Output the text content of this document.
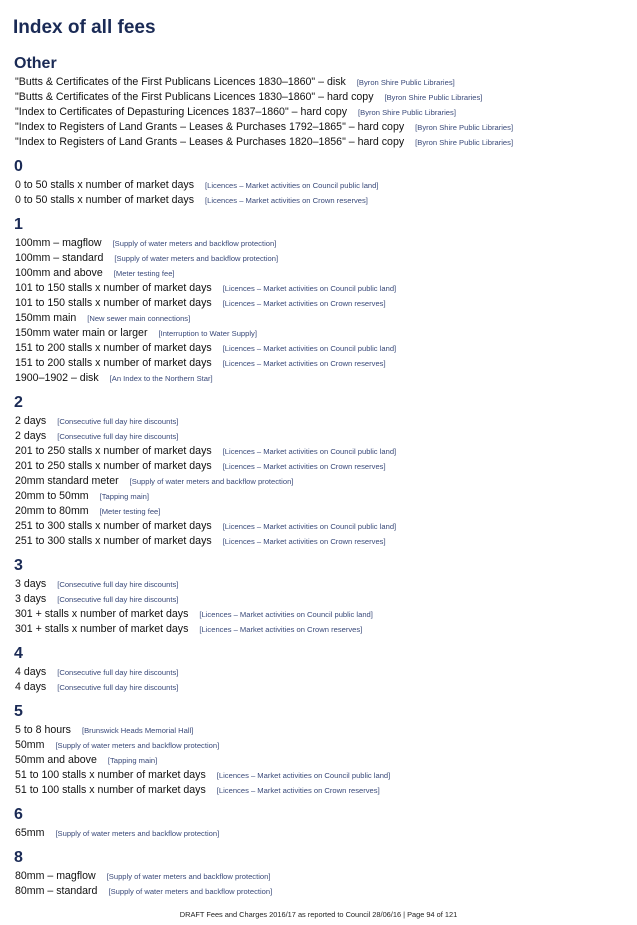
Index of all fees
Other
"Butts & Certificates of the First Publicans Licences 1830–1860" – disk [Byron Shire Public Libraries]
"Butts & Certificates of the First Publicans Licences 1830–1860" – hard copy [Byron Shire Public Libraries]
"Index to Certificates of Depasturing Licences 1837–1860" – hard copy [Byron Shire Public Libraries]
"Index to Registers of Land Grants – Leases & Purchases 1792–1865" – hard copy [Byron Shire Public Libraries]
"Index to Registers of Land Grants – Leases & Purchases 1820–1856" – hard copy [Byron Shire Public Libraries]
0
0 to 50 stalls x number of market days [Licences – Market activities on Council public land]
0 to 50 stalls x number of market days [Licences – Market activities on Crown reserves]
1
100mm – magflow [Supply of water meters and backflow protection]
100mm – standard [Supply of water meters and backflow protection]
100mm and above [Meter testing fee]
101 to 150 stalls x number of market days [Licences – Market activities on Council public land]
101 to 150 stalls x number of market days [Licences – Market activities on Crown reserves]
150mm main [New sewer main connections]
150mm water main or larger [Interruption to Water Supply]
151 to 200 stalls x number of market days [Licences – Market activities on Council public land]
151 to 200 stalls x number of market days [Licences – Market activities on Crown reserves]
1900–1902 – disk [An Index to the Northern Star]
2
2 days [Consecutive full day hire discounts]
2 days [Consecutive full day hire discounts]
201 to 250 stalls x number of market days [Licences – Market activities on Council public land]
201 to 250 stalls x number of market days [Licences – Market activities on Crown reserves]
20mm standard meter [Supply of water meters and backflow protection]
20mm to 50mm [Tapping main]
20mm to 80mm [Meter testing fee]
251 to 300 stalls x number of market days [Licences – Market activities on Council public land]
251 to 300 stalls x number of market days [Licences – Market activities on Crown reserves]
3
3 days [Consecutive full day hire discounts]
3 days [Consecutive full day hire discounts]
301 + stalls x number of market days [Licences – Market activities on Council public land]
301 + stalls x number of market days [Licences – Market activities on Crown reserves]
4
4 days [Consecutive full day hire discounts]
4 days [Consecutive full day hire discounts]
5
5 to 8 hours [Brunswick Heads Memorial Hall]
50mm [Supply of water meters and backflow protection]
50mm and above [Tapping main]
51 to 100 stalls x number of market days [Licences – Market activities on Council public land]
51 to 100 stalls x number of market days [Licences – Market activities on Crown reserves]
6
65mm [Supply of water meters and backflow protection]
8
80mm – magflow [Supply of water meters and backflow protection]
80mm – standard [Supply of water meters and backflow protection]
DRAFT Fees and Charges 2016/17 as reported to Council 28/06/16 | Page 94 of 121
